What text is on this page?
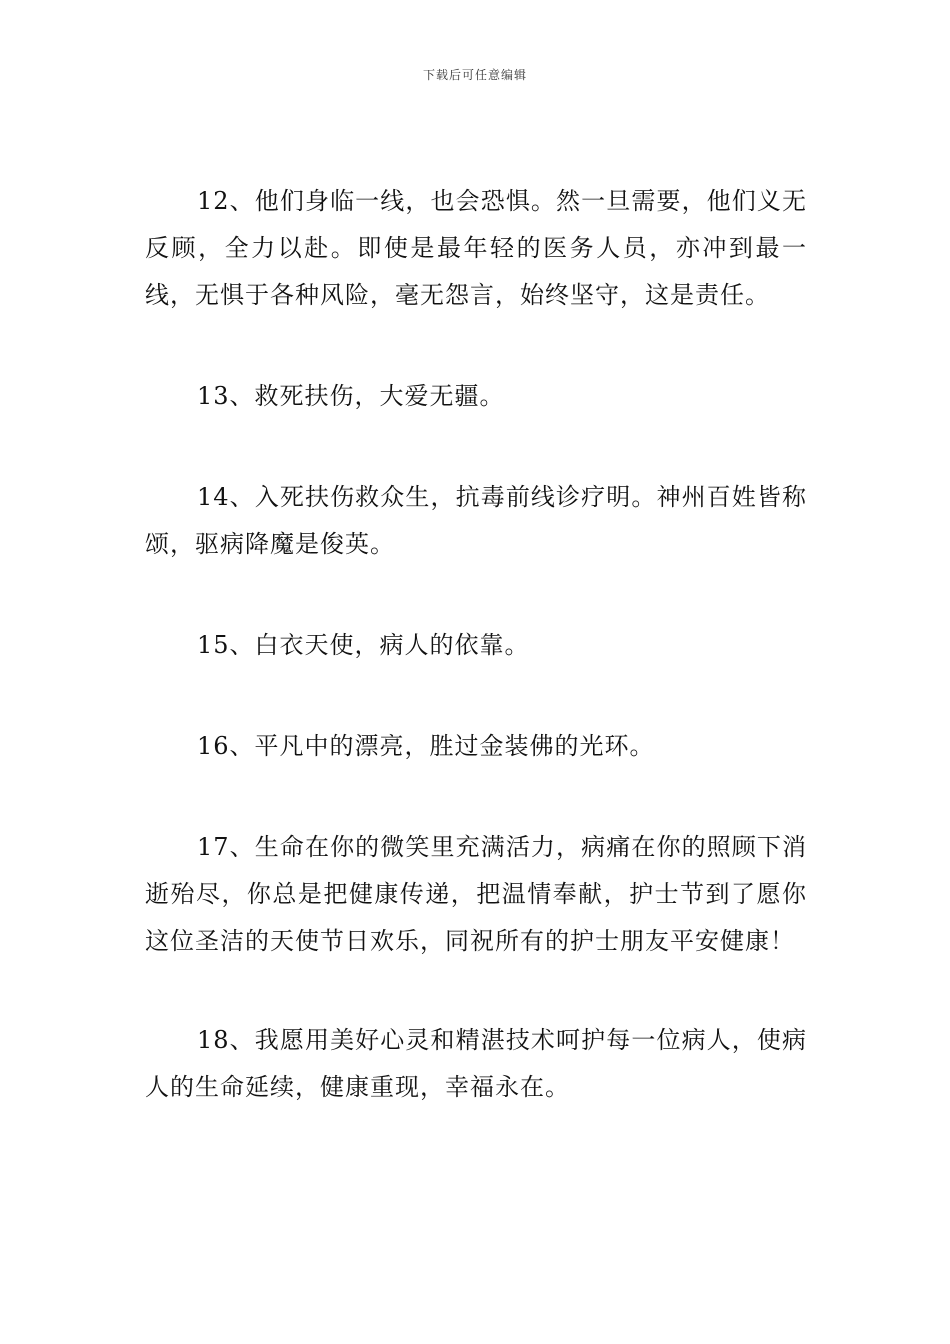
下载后可任意编辑

12、他们身临一线，也会恐惧。然一旦需要，他们义无反顾，全力以赴。即使是最年轻的医务人员，亦冲到最一线，无惧于各种风险，毫无怨言，始终坚守，这是责任。

13、救死扶伤，大爱无疆。

14、入死扶伤救众生，抗毒前线诊疗明。神州百姓皆称颂，驱病降魔是俊英。

15、白衣天使，病人的依靠。

16、平凡中的漂亮，胜过金装佛的光环。

17、生命在你的微笑里充满活力，病痛在你的照顾下消逝殆尽，你总是把健康传递，把温情奉献，护士节到了愿你这位圣洁的天使节日欢乐，同祝所有的护士朋友平安健康！

18、我愿用美好心灵和精湛技术呵护每一位病人，使病人的生命延续，健康重现，幸福永在。
